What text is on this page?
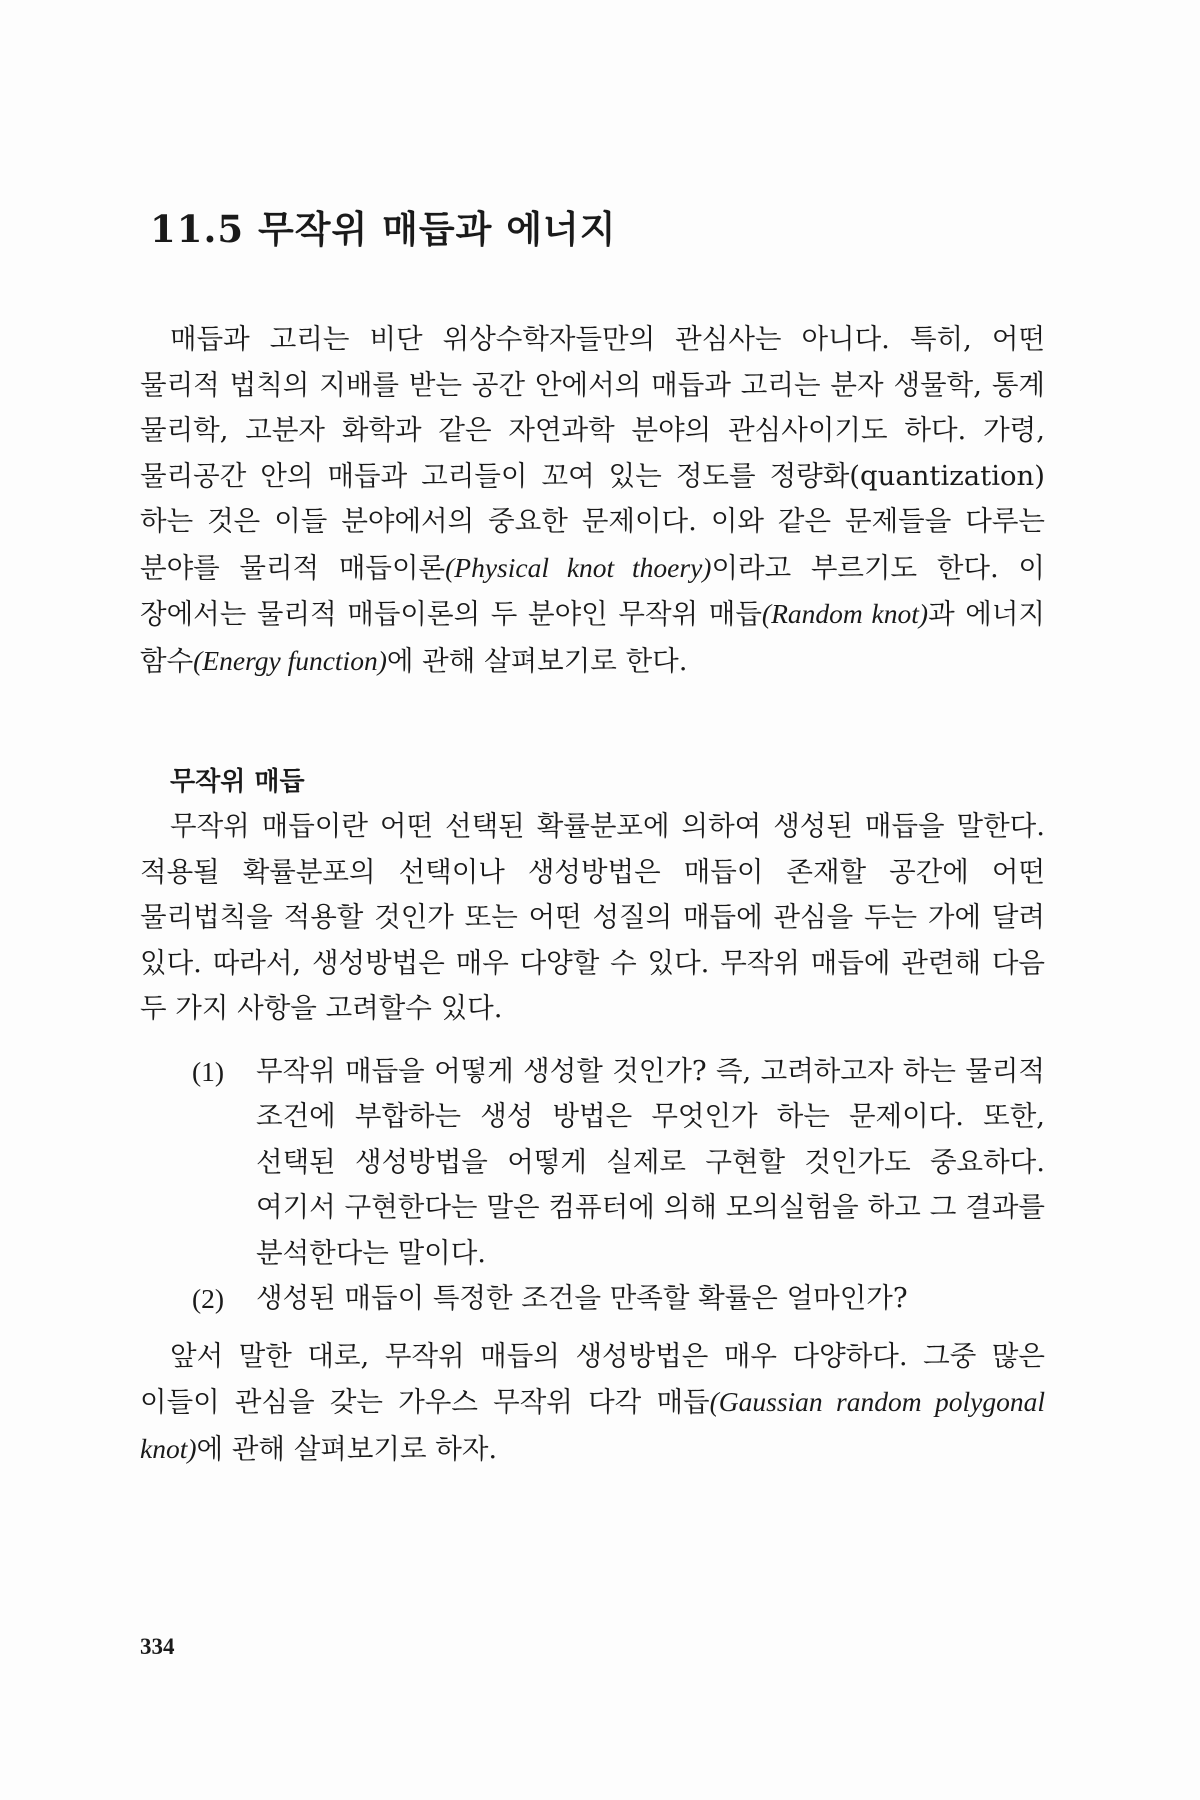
11.5 무작위 매듭과 에너지

매듭과 고리는 비단 위상수학자들만의 관심사는 아니다. 특히, 어떤 물리적 법칙의 지배를 받는 공간 안에서의 매듭과 고리는 분자 생물학, 통계 물리학, 고분자 화학과 같은 자연과학 분야의 관심사이기도 하다. 가령, 물리공간 안의 매듭과 고리들이 꼬여 있는 정도를 정량화(quantization)하는 것은 이들 분야에서의 중요한 문제이다. 이와 같은 문제들을 다루는 분야를 물리적 매듭이론(Physical knot thoery)이라고 부르기도 한다. 이 장에서는 물리적 매듭이론의 두 분야인 무작위 매듭(Random knot)과 에너지 함수(Energy function)에 관해 살펴보기로 한다.

무작위 매듭

무작위 매듭이란 어떤 선택된 확률분포에 의하여 생성된 매듭을 말한다. 적용될 확률분포의 선택이나 생성방법은 매듭이 존재할 공간에 어떤 물리법칙을 적용할 것인가 또는 어떤 성질의 매듭에 관심을 두는 가에 달려 있다. 따라서, 생성방법은 매우 다양할 수 있다. 무작위 매듭에 관련해 다음 두 가지 사항을 고려할수 있다.

(1) 무작위 매듭을 어떻게 생성할 것인가? 즉, 고려하고자 하는 물리적 조건에 부합하는 생성 방법은 무엇인가 하는 문제이다. 또한, 선택된 생성방법을 어떻게 실제로 구현할 것인가도 중요하다. 여기서 구현한다는 말은 컴퓨터에 의해 모의실험을 하고 그 결과를 분석한다는 말이다.
(2) 생성된 매듭이 특정한 조건을 만족할 확률은 얼마인가?

앞서 말한 대로, 무작위 매듭의 생성방법은 매우 다양하다. 그중 많은 이들이 관심을 갖는 가우스 무작위 다각 매듭(Gaussian random polygonal knot)에 관해 살펴보기로 하자.

334
